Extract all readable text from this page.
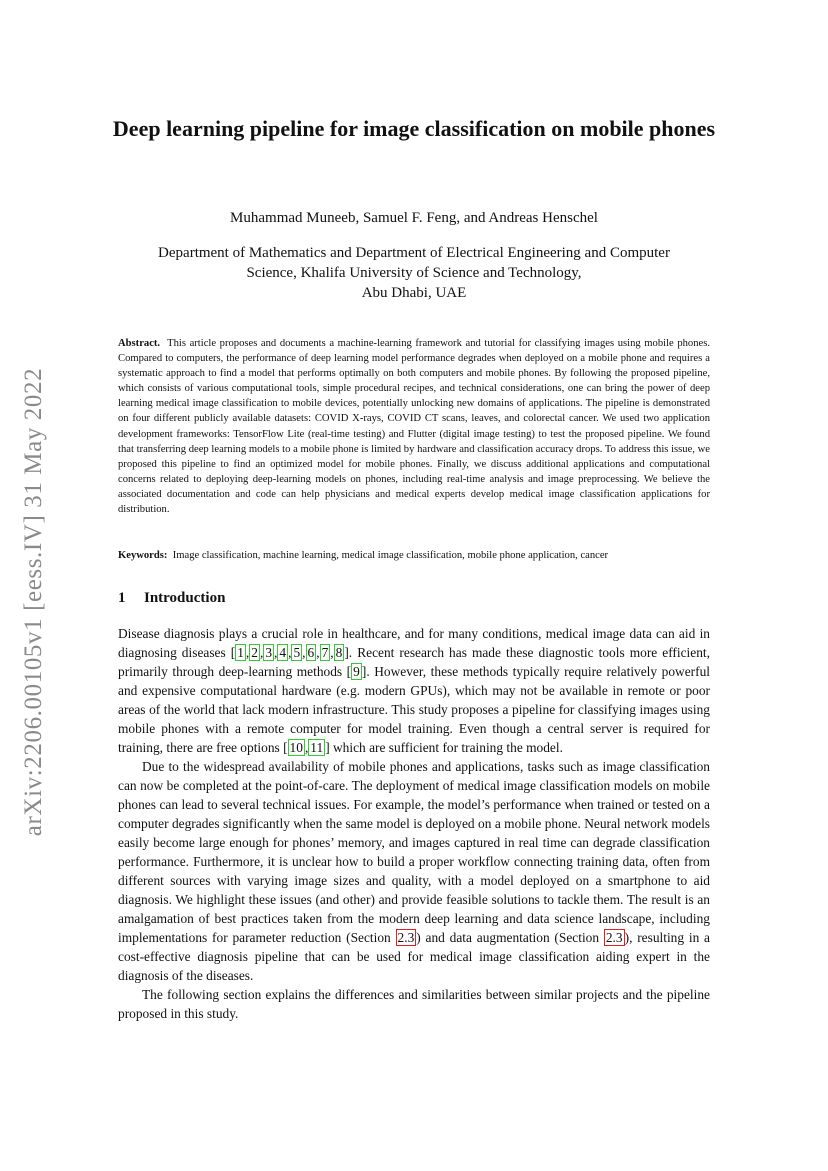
arXiv:2206.00105v1 [eess.IV] 31 May 2022
Deep learning pipeline for image classification on mobile phones

Muhammad Muneeb, Samuel F. Feng, and Andreas Henschel

Department of Mathematics and Department of Electrical Engineering and Computer
Science, Khalifa University of Science and Technology,
Abu Dhabi, UAE

Abstract. This article proposes and documents a machine-learning framework and tutorial for classifying images using mobile phones. Compared to computers, the performance of deep learning model performance degrades when deployed on a mobile phone and requires a systematic approach to find a model that performs optimally on both computers and mobile phones. By following the proposed pipeline, which consists of various computational tools, simple procedural recipes, and technical considerations, one can bring the power of deep learning medical image classification to mobile devices, potentially unlocking new domains of applications. The pipeline is demonstrated on four different publicly available datasets: COVID X-rays, COVID CT scans, leaves, and colorectal cancer. We used two application development frameworks: TensorFlow Lite (real-time testing) and Flutter (digital image testing) to test the proposed pipeline. We found that transferring deep learning models to a mobile phone is limited by hardware and classification accuracy drops. To address this issue, we proposed this pipeline to find an optimized model for mobile phones. Finally, we discuss additional applications and computational concerns related to deploying deep-learning models on phones, including real-time analysis and image preprocessing. We believe the associated documentation and code can help physicians and medical experts develop medical image classification applications for distribution.

Keywords: Image classification, machine learning, medical image classification, mobile phone application, cancer

1 Introduction

Disease diagnosis plays a crucial role in healthcare, and for many conditions, medical image data can aid in diagnosing diseases [ 1 , 2 , 3 , 4 , 5 , 6 , 7 , 8 ]. Recent research has made these diagnostic tools more efficient, primarily through deep-learning methods [ 9 ]. However, these methods typically require relatively powerful and expensive computational hardware (e.g. modern GPUs), which may not be available in remote or poor areas of the world that lack modern infrastructure. This study proposes a pipeline for classifying images using mobile phones with a remote computer for model training. Even though a central server is required for training, there are free options [ 10 , 11 ] which are sufficient for training the model.

Due to the widespread availability of mobile phones and applications, tasks such as image classification can now be completed at the point-of-care. The deployment of medical image classification models on mobile phones can lead to several technical issues. For example, the model’s performance when trained or tested on a computer degrades significantly when the same model is deployed on a mobile phone. Neural network models easily become large enough for phones’ memory, and images captured in real time can degrade classification performance. Furthermore, it is unclear how to build a proper workflow connecting training data, often from different sources with varying image sizes and quality, with a model deployed on a smartphone to aid diagnosis. We highlight these issues (and other) and provide feasible solutions to tackle them. The result is an amalgamation of best practices taken from the modern deep learning and data science landscape, including implementations for parameter reduction (Section 2.3 ) and data augmentation (Section 2.3 ), resulting in a cost-effective diagnosis pipeline that can be used for medical image classification aiding expert in the diagnosis of the diseases.

The following section explains the differences and similarities between similar projects and the pipeline proposed in this study.
